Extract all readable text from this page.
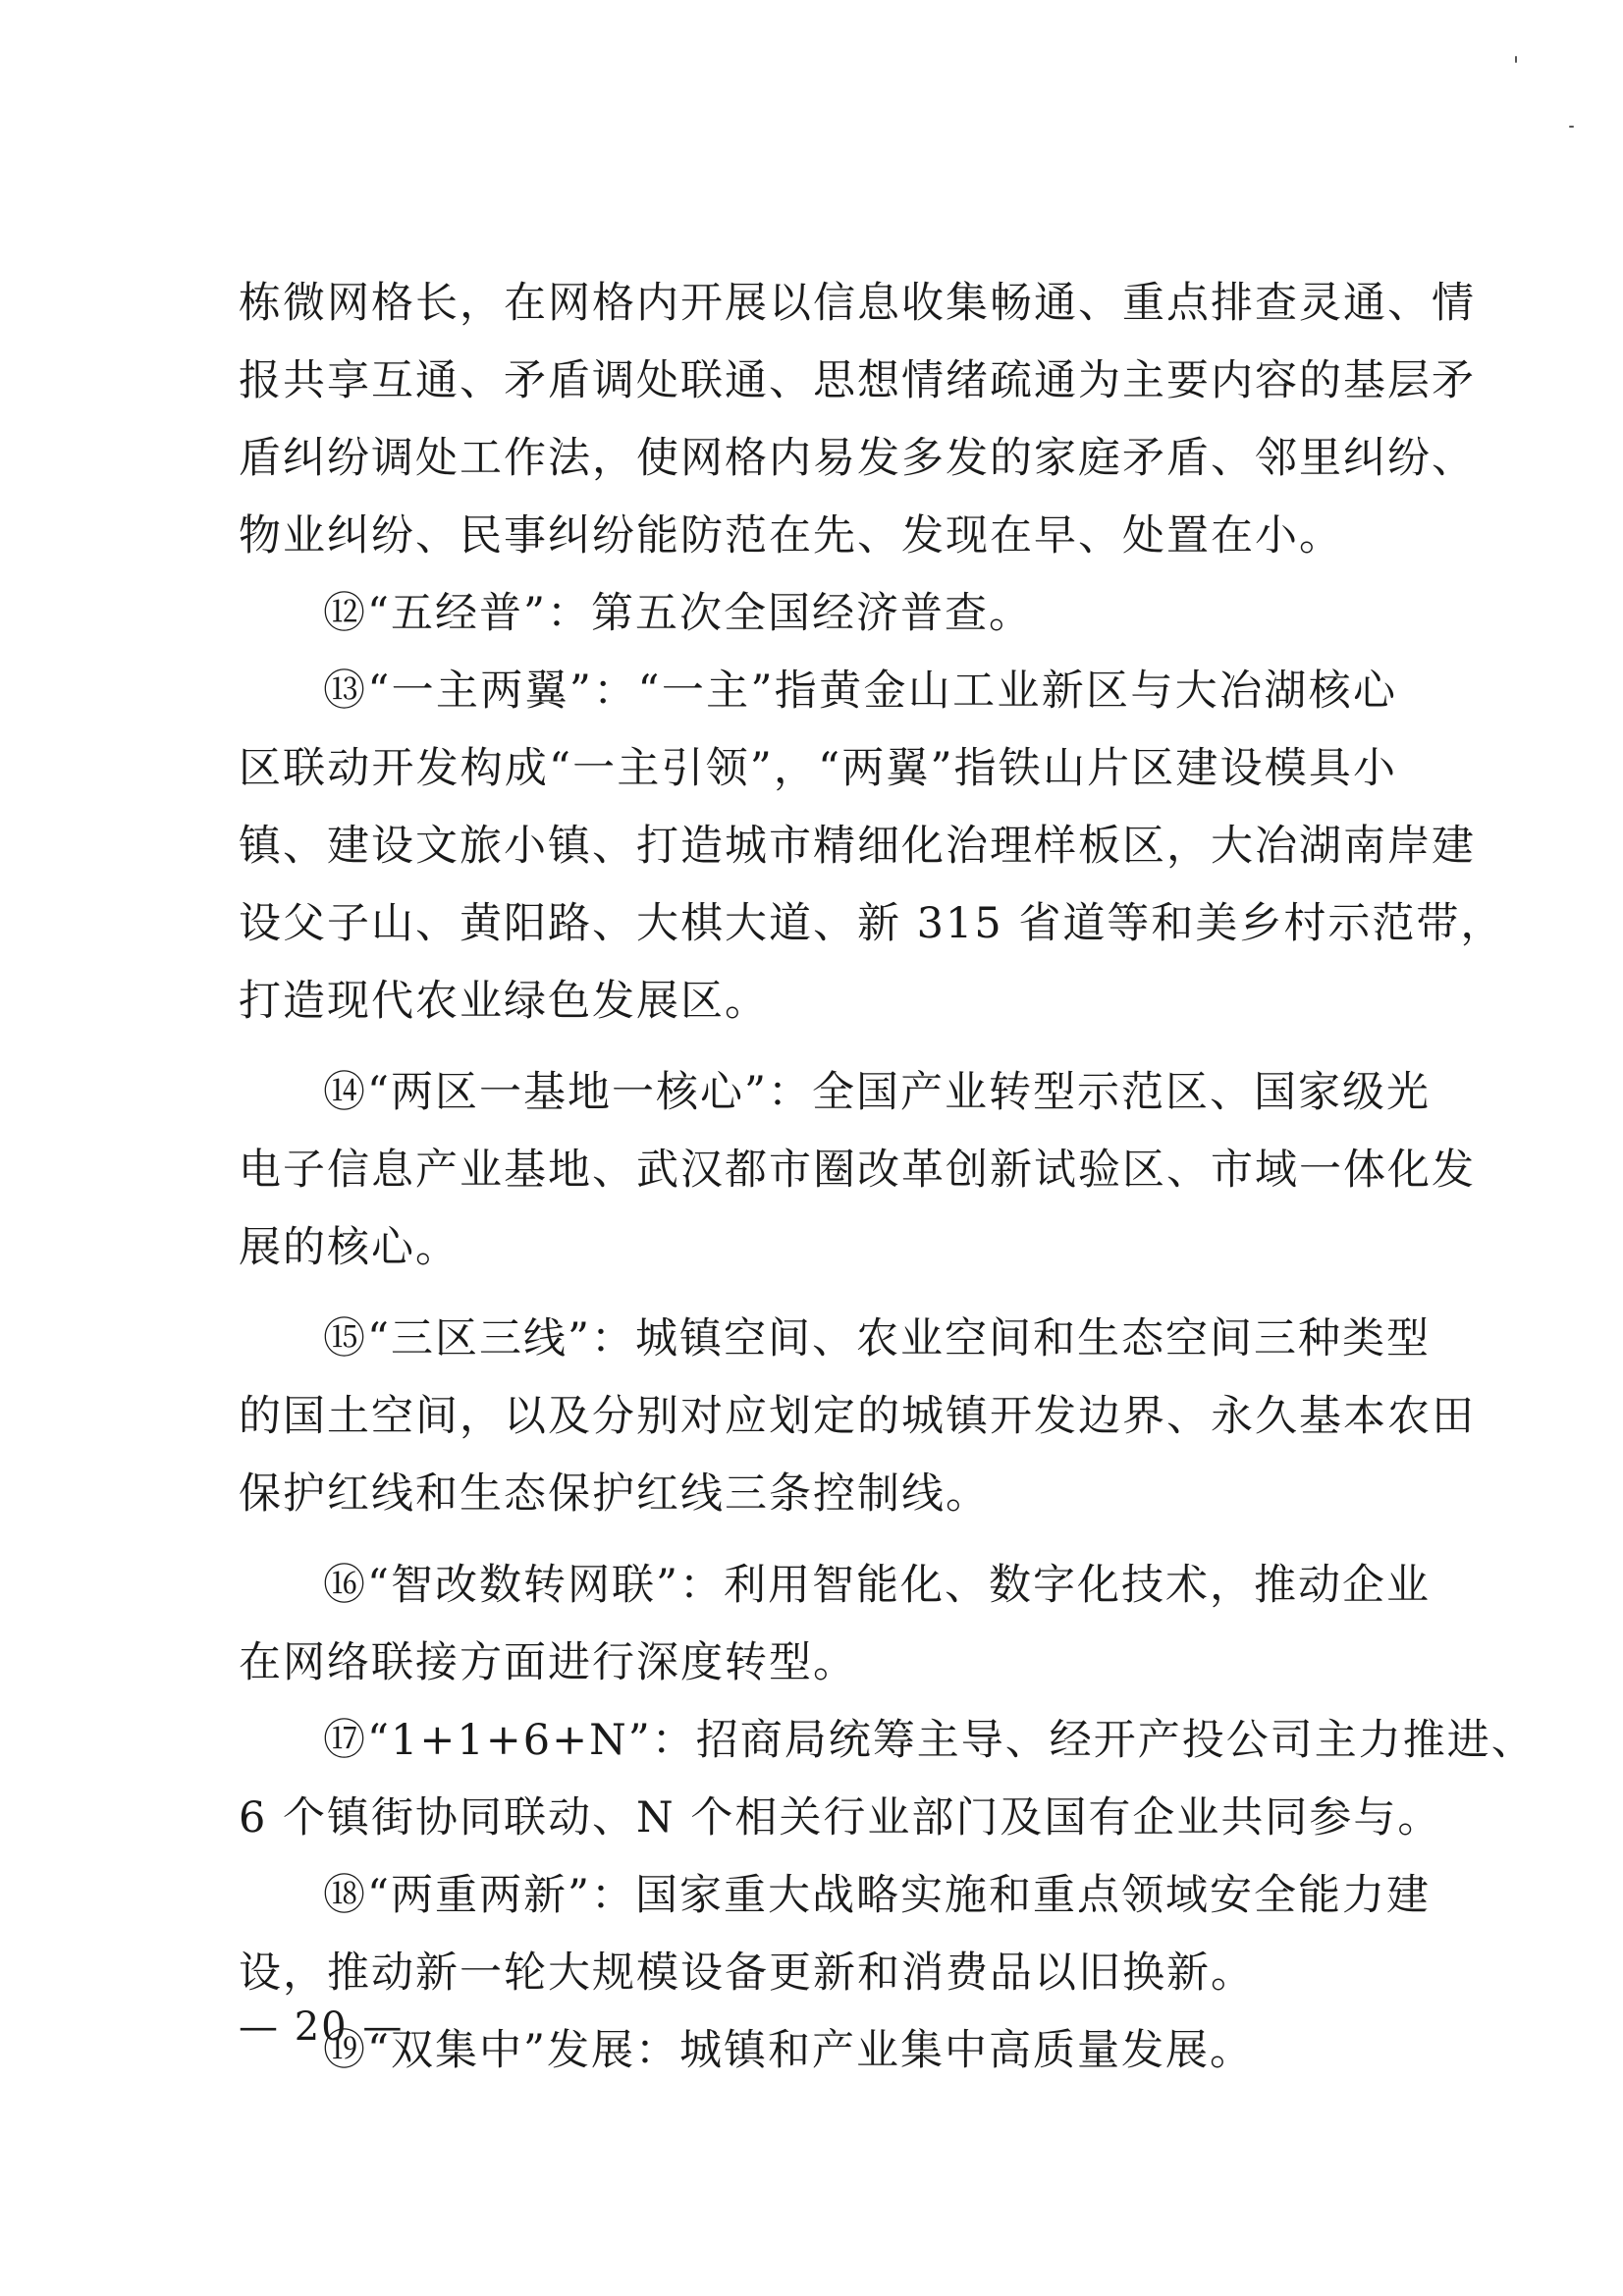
栋微网格长，在网格内开展以信息收集畅通、重点排查灵通、情
报共享互通、矛盾调处联通、思想情绪疏通为主要内容的基层矛
盾纠纷调处工作法，使网格内易发多发的家庭矛盾、邻里纠纷、
物业纠纷、民事纠纷能防范在先、发现在早、处置在小。
⑫“五经普”：第五次全国经济普查。
⑬“一主两翼”：“一主”指黄金山工业新区与大冶湖核心
区联动开发构成“一主引领”，“两翼”指铁山片区建设模具小
镇、建设文旅小镇、打造城市精细化治理样板区，大冶湖南岸建
设父子山、黄阳路、大棋大道、新 315 省道等和美乡村示范带，
打造现代农业绿色发展区。
⑭“两区一基地一核心”：全国产业转型示范区、国家级光
电子信息产业基地、武汉都市圈改革创新试验区、市域一体化发
展的核心。
⑮“三区三线”：城镇空间、农业空间和生态空间三种类型
的国土空间，以及分别对应划定的城镇开发边界、永久基本农田
保护红线和生态保护红线三条控制线。
⑯“智改数转网联”：利用智能化、数字化技术，推动企业
在网络联接方面进行深度转型。
⑰“1+1+6+N”：招商局统筹主导、经开产投公司主力推进、
6 个镇街协同联动、N 个相关行业部门及国有企业共同参与。
⑱“两重两新”：国家重大战略实施和重点领域安全能力建
设，推动新一轮大规模设备更新和消费品以旧换新。
⑲“双集中”发展：城镇和产业集中高质量发展。
— 20 —
